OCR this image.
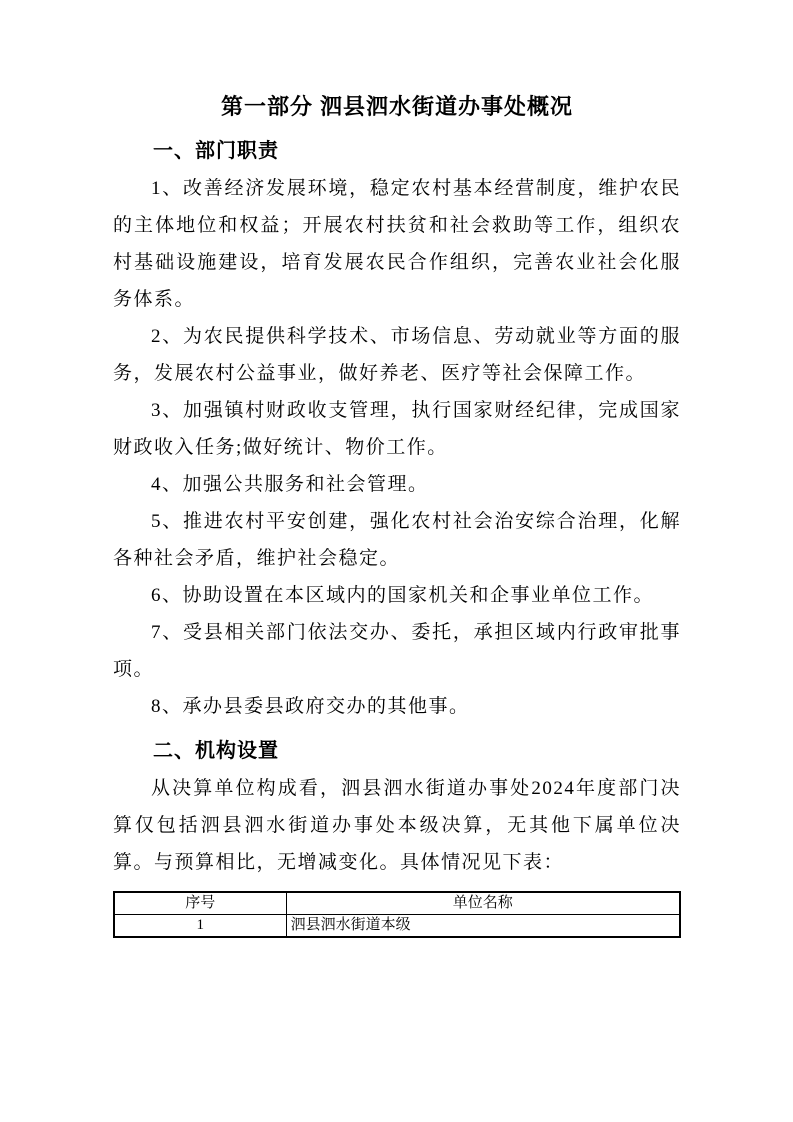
第一部分 泗县泗水街道办事处概况
一、部门职责

1、改善经济发展环境，稳定农村基本经营制度，维护农民的主体地位和权益；开展农村扶贫和社会救助等工作，组织农村基础设施建设，培育发展农民合作组织，完善农业社会化服务体系。

2、为农民提供科学技术、市场信息、劳动就业等方面的服务，发展农村公益事业，做好养老、医疗等社会保障工作。

3、加强镇村财政收支管理，执行国家财经纪律，完成国家财政收入任务;做好统计、物价工作。

4、加强公共服务和社会管理。

5、推进农村平安创建，强化农村社会治安综合治理，化解各种社会矛盾，维护社会稳定。

6、协助设置在本区域内的国家机关和企事业单位工作。

7、受县相关部门依法交办、委托，承担区域内行政审批事项。

8、承办县委县政府交办的其他事。

二、机构设置

从决算单位构成看，泗县泗水街道办事处2024年度部门决算仅包括泗县泗水街道办事处本级决算，无其他下属单位决算。与预算相比，无增减变化。具体情况见下表：

序号	单位名称
1	泗县泗水街道本级
